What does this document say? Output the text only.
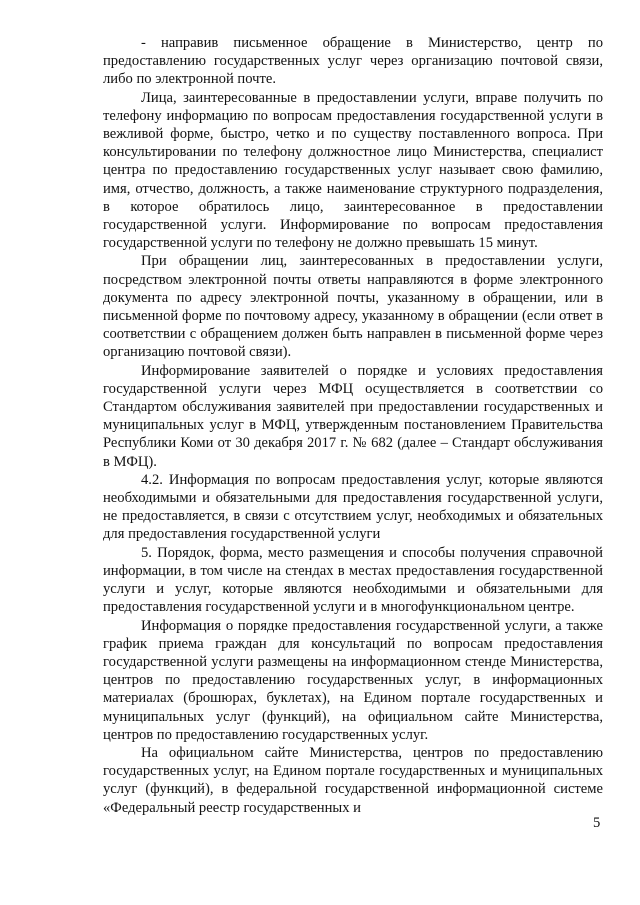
- направив письменное обращение в Министерство, центр по предоставлению государственных услуг через организацию почтовой связи, либо по электронной почте.

Лица, заинтересованные в предоставлении услуги, вправе получить по телефону информацию по вопросам предоставления государственной услуги в вежливой форме, быстро, четко и по существу поставленного вопроса. При консультировании по телефону должностное лицо Министерства, специалист центра по предоставлению государственных услуг называет свою фамилию, имя, отчество, должность, а также наименование структурного подразделения, в которое обратилось лицо, заинтересованное в предоставлении государственной услуги. Информирование по вопросам предоставления государственной услуги по телефону не должно превышать 15 минут.

При обращении лиц, заинтересованных в предоставлении услуги, посредством электронной почты ответы направляются в форме электронного документа по адресу электронной почты, указанному в обращении, или в письменной форме по почтовому адресу, указанному в обращении (если ответ в соответствии с обращением должен быть направлен в письменной форме через организацию почтовой связи).

Информирование заявителей о порядке и условиях предоставления государственной услуги через МФЦ осуществляется в соответствии со Стандартом обслуживания заявителей при предоставлении государственных и муниципальных услуг в МФЦ, утвержденным постановлением Правительства Республики Коми от 30 декабря 2017 г. № 682 (далее – Стандарт обслуживания в МФЦ).

4.2. Информация по вопросам предоставления услуг, которые являются необходимыми и обязательными для предоставления государственной услуги, не предоставляется, в связи с отсутствием услуг, необходимых и обязательных для предоставления государственной услуги

5. Порядок, форма, место размещения и способы получения справочной информации, в том числе на стендах в местах предоставления государственной услуги и услуг, которые являются необходимыми и обязательными для предоставления государственной услуги и в многофункциональном центре.

Информация о порядке предоставления государственной услуги, а также график приема граждан для консультаций по вопросам предоставления государственной услуги размещены на информационном стенде Министерства, центров по предоставлению государственных услуг, в информационных материалах (брошюрах, буклетах), на Едином портале государственных и муниципальных услуг (функций), на официальном сайте Министерства, центров по предоставлению государственных услуг.

На официальном сайте Министерства, центров по предоставлению государственных услуг, на Едином портале государственных и муниципальных услуг (функций), в федеральной государственной информационной системе «Федеральный реестр государственных и

5
